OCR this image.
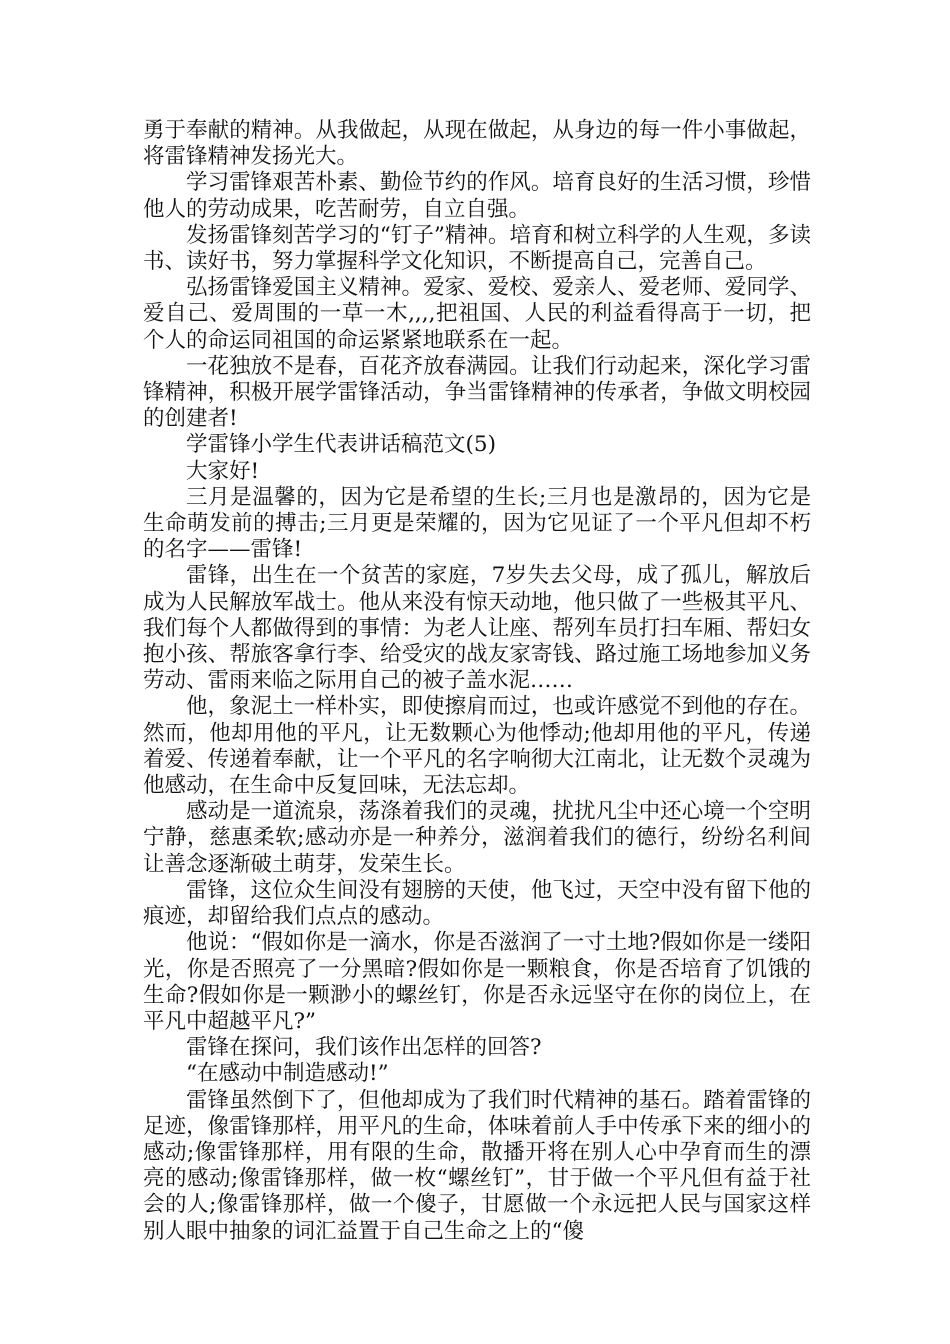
勇于奉献的精神。从我做起，从现在做起，从身边的每一件小事做起，将雷锋精神发扬光大。

学习雷锋艰苦朴素、勤俭节约的作风。培育良好的生活习惯，珍惜他人的劳动成果，吃苦耐劳，自立自强。

发扬雷锋刻苦学习的“钉子”精神。培育和树立科学的人生观，多读书、读好书，努力掌握科学文化知识，不断提高自己，完善自己。

弘扬雷锋爱国主义精神。爱家、爱校、爱亲人、爱老师、爱同学、爱自己、爱周围的一草一木,,,,把祖国、人民的利益看得高于一切，把个人的命运同祖国的命运紧紧地联系在一起。

一花独放不是春，百花齐放春满园。让我们行动起来，深化学习雷锋精神，积极开展学雷锋活动，争当雷锋精神的传承者，争做文明校园的创建者!

学雷锋小学生代表讲话稿范文(5)

大家好!

三月是温馨的，因为它是希望的生长;三月也是激昂的，因为它是生命萌发前的搏击;三月更是荣耀的，因为它见证了一个平凡但却不朽的名字——雷锋!

雷锋，出生在一个贫苦的家庭，7岁失去父母，成了孤儿，解放后成为人民解放军战士。他从来没有惊天动地，他只做了一些极其平凡、我们每个人都做得到的事情：为老人让座、帮列车员打扫车厢、帮妇女抱小孩、帮旅客拿行李、给受灾的战友家寄钱、路过施工场地参加义务劳动、雷雨来临之际用自己的被子盖水泥……

他，象泥土一样朴实，即使擦肩而过，也或许感觉不到他的存在。然而，他却用他的平凡，让无数颗心为他悸动;他却用他的平凡，传递着爱、传递着奉献，让一个平凡的名字响彻大江南北，让无数个灵魂为他感动，在生命中反复回味，无法忘却。

感动是一道流泉，荡涤着我们的灵魂，扰扰凡尘中还心境一个空明宁静，慈惠柔软;感动亦是一种养分，滋润着我们的德行，纷纷名利间让善念逐渐破土萌芽，发荣生长。

雷锋，这位众生间没有翅膀的天使，他飞过，天空中没有留下他的痕迹，却留给我们点点的感动。

他说：“假如你是一滴水，你是否滋润了一寸土地?假如你是一缕阳光，你是否照亮了一分黑暗?假如你是一颗粮食，你是否培育了饥饿的生命?假如你是一颗渺小的螺丝钉，你是否永远坚守在你的岗位上，在平凡中超越平凡?”

雷锋在探问，我们该作出怎样的回答?

“在感动中制造感动!”

雷锋虽然倒下了，但他却成为了我们时代精神的基石。踏着雷锋的足迹，像雷锋那样，用平凡的生命，体味着前人手中传承下来的细小的感动;像雷锋那样，用有限的生命，散播开将在别人心中孕育而生的漂亮的感动;像雷锋那样，做一枚“螺丝钉”，甘于做一个平凡但有益于社会的人;像雷锋那样，做一个傻子，甘愿做一个永远把人民与国家这样别人眼中抽象的词汇益置于自己生命之上的“傻
